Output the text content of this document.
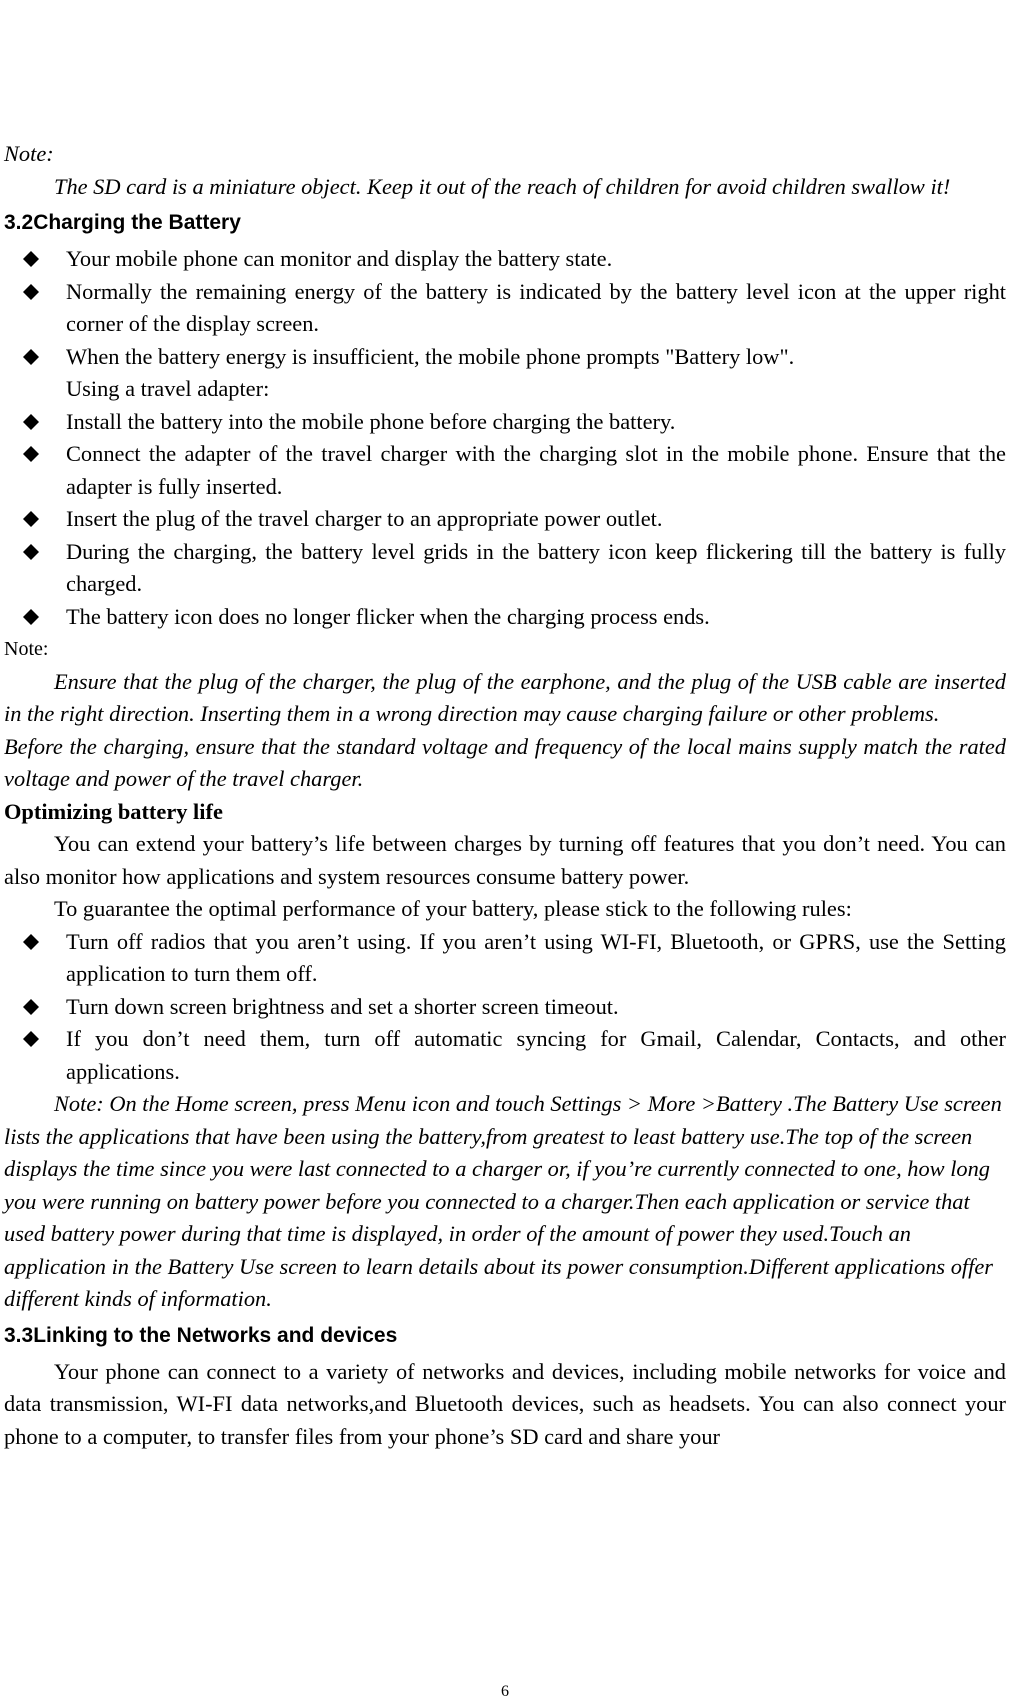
Note:

The SD card is a miniature object. Keep it out of the reach of children for avoid children swallow it!

3.2Charging the Battery
Your mobile phone can monitor and display the battery state.
Normally the remaining energy of the battery is indicated by the battery level icon at the upper right corner of the display screen.
When the battery energy is insufficient, the mobile phone prompts "Battery low".
Using a travel adapter:
Install the battery into the mobile phone before charging the battery.
Connect the adapter of the travel charger with the charging slot in the mobile phone. Ensure that the adapter is fully inserted.
Insert the plug of the travel charger to an appropriate power outlet.
During the charging, the battery level grids in the battery icon keep flickering till the battery is fully charged.
The battery icon does no longer flicker when the charging process ends.

Note:

Ensure that the plug of the charger, the plug of the earphone, and the plug of the USB cable are inserted in the right direction. Inserting them in a wrong direction may cause charging failure or other problems.

Before the charging, ensure that the standard voltage and frequency of the local mains supply match the rated voltage and power of the travel charger.

Optimizing battery life

You can extend your battery’s life between charges by turning off features that you don’t need. You can also monitor how applications and system resources consume battery power.

To guarantee the optimal performance of your battery, please stick to the following rules:

Turn off radios that you aren’t using. If you aren’t using WI-FI, Bluetooth, or GPRS, use the Setting application to turn them off.
Turn down screen brightness and set a shorter screen timeout.
If you don’t need them, turn off automatic syncing for Gmail, Calendar, Contacts, and other applications.

Note: On the Home screen, press Menu icon and touch Settings > More >Battery .The Battery Use screen lists the applications that have been using the battery,from greatest to least battery use.The top of the screen displays the time since you were last connected to a charger or, if you’re currently connected to one, how long you were running on battery power before you connected to a charger.Then each application or service that used battery power during that time is displayed, in order of the amount of power they used.Touch an application in the Battery Use screen to learn details about its power consumption.Different applications offer different kinds of information.

3.3Linking to the Networks and devices

Your phone can connect to a variety of networks and devices, including mobile networks for voice and data transmission, WI-FI data networks,and Bluetooth devices, such as headsets. You can also connect your phone to a computer, to transfer files from your phone’s SD card and share your

6
